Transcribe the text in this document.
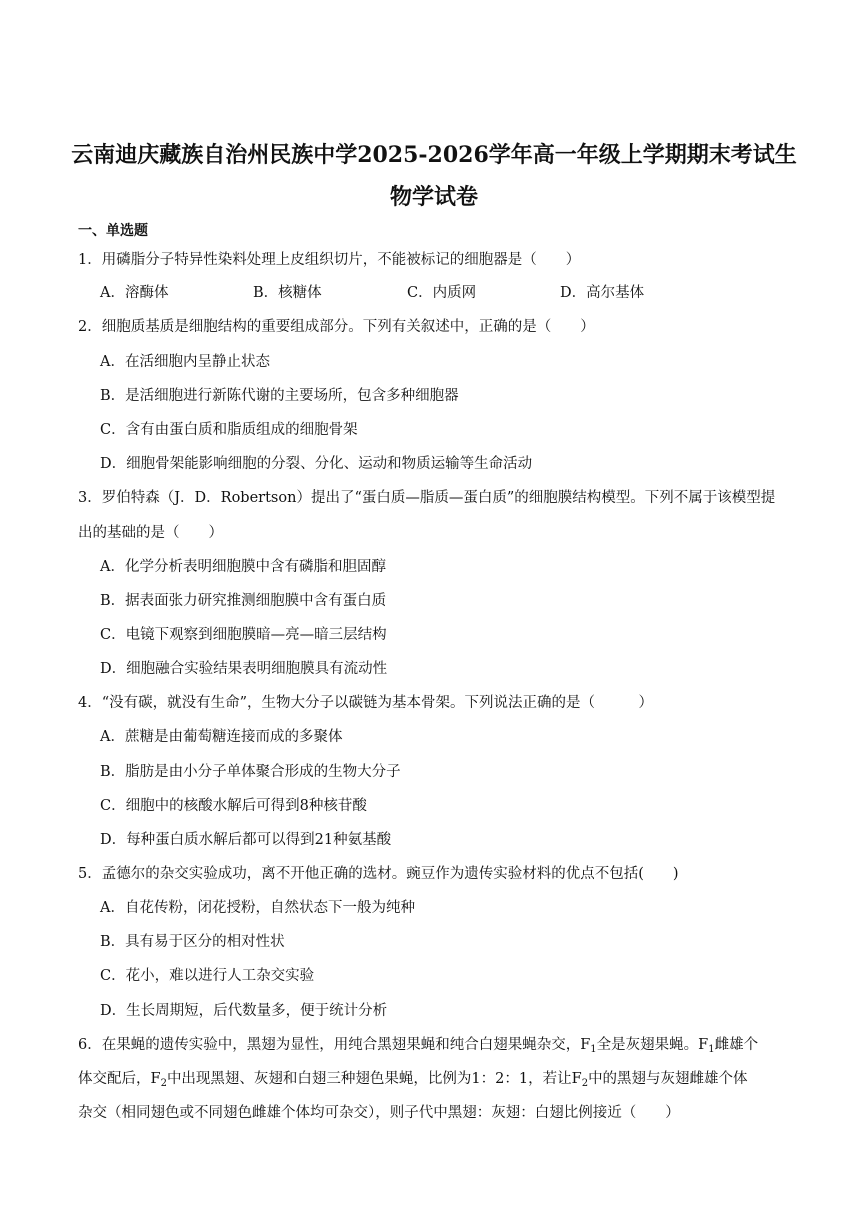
云南迪庆藏族自治州民族中学2025-2026学年高一年级上学期期末考试生
物学试卷
一、单选题
1．用磷脂分子特异性染料处理上皮组织切片，不能被标记的细胞器是（　　）
A．溶酶体	B．核糖体	C．内质网	D．高尔基体
2．细胞质基质是细胞结构的重要组成部分。下列有关叙述中，正确的是（　　）
A．在活细胞内呈静止状态
B．是活细胞进行新陈代谢的主要场所，包含多种细胞器
C．含有由蛋白质和脂质组成的细胞骨架
D．细胞骨架能影响细胞的分裂、分化、运动和物质运输等生命活动
3．罗伯特森（J．D．Robertson）提出了“蛋白质—脂质—蛋白质”的细胞膜结构模型。下列不属于该模型提
出的基础的是（　　）
A．化学分析表明细胞膜中含有磷脂和胆固醇
B．据表面张力研究推测细胞膜中含有蛋白质
C．电镜下观察到细胞膜暗—亮—暗三层结构
D．细胞融合实验结果表明细胞膜具有流动性
4．“没有碳，就没有生命”，生物大分子以碳链为基本骨架。下列说法正确的是（　　　）
A．蔗糖是由葡萄糖连接而成的多聚体
B．脂肪是由小分子单体聚合形成的生物大分子
C．细胞中的核酸水解后可得到8种核苷酸
D．每种蛋白质水解后都可以得到21种氨基酸
5．孟德尔的杂交实验成功，离不开他正确的选材。豌豆作为遗传实验材料的优点不包括(　　)
A．自花传粉，闭花授粉，自然状态下一般为纯种
B．具有易于区分的相对性状
C．花小，难以进行人工杂交实验
D．生长周期短，后代数量多，便于统计分析
6．在果蝇的遗传实验中，黑翅为显性，用纯合黑翅果蝇和纯合白翅果蝇杂交，$F_1$全是灰翅果蝇。$F_1$雌雄个
体交配后，$F_2$中出现黑翅、灰翅和白翅三种翅色果蝇，比例为1：2：1，若让$F_2$中的黑翅与灰翅雌雄个体
杂交（相同翅色或不同翅色雌雄个体均可杂交），则子代中黑翅：灰翅：白翅比例接近（　　）
